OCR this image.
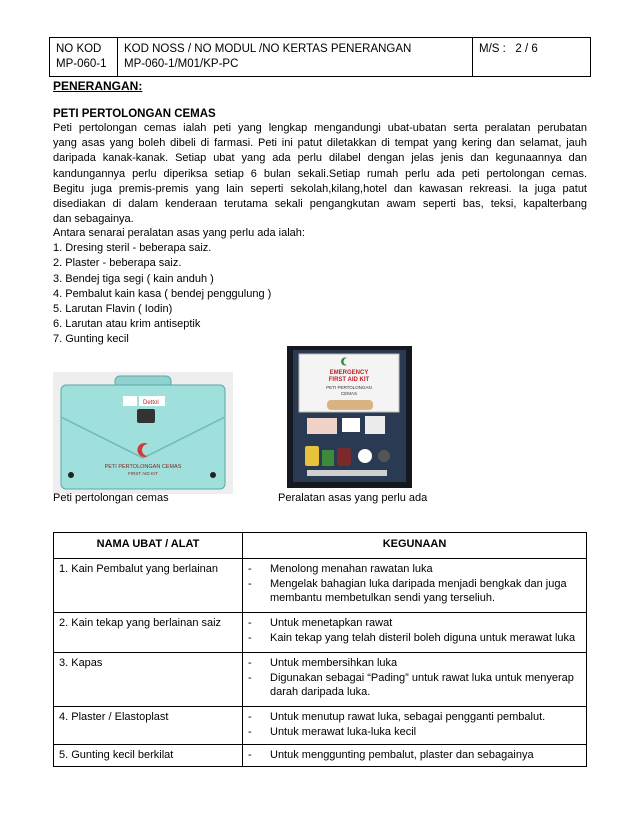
NO KOD
MP-060-1
KOD NOSS / NO MODUL /NO KERTAS PENERANGAN
MP-060-1/M01/KP-PC
M/S :   2 / 6
PENERANGAN:
PETI PERTOLONGAN CEMAS
Peti pertolongan cemas ialah peti yang lengkap mengandungi ubat-ubatan serta peralatan perubatan
yang asas yang boleh dibeli di farmasi. Peti ini patut diletakkan di tempat yang kering dan selamat, jauh
daripada kanak-kanak. Setiap ubat yang ada perlu dilabel dengan jelas jenis dan kegunaannya dan
kandungannya perlu diperiksa setiap 6 bulan sekali.Setiap rumah perlu ada peti pertolongan cemas.
Begitu juga premis-premis yang lain seperti sekolah,kilang,hotel dan kawasan rekreasi. Ia juga patut
disediakan di dalam kenderaan terutama sekali pengangkutan awam seperti bas, teksi, kapalterbang
dan sebagainya.
Antara senarai peralatan asas yang perlu ada ialah:
1. Dresing steril - beberapa saiz.
2. Plaster - beberapa saiz.
3. Bendej tiga segi ( kain anduh )
4. Pembalut kain kasa ( bendej penggulung )
5. Larutan Flavin ( Iodin)
6. Larutan atau krim antiseptik
7. Gunting kecil
Dettol
PETI PERTOLONGAN CEMAS
FIRST AID KIT
EMERGENCY
FIRST AID KIT
PETI PERTOLONGAN
CEMAS
Peti pertolongan cemas	Peralatan asas yang perlu ada
NAMA UBAT / ALAT	KEGUNAAN
1. Kain Pembalut yang berlainan	- Menolong menahan rawatan luka
- Mengelak bahagian luka daripada menjadi bengkak dan juga membantu membetulkan sendi yang terseliuh.

2. Kain tekap yang berlainan saiz	- Untuk menetapkan rawat
- Kain tekap yang telah disteril boleh diguna untuk merawat luka

3. Kapas	- Untuk membersihkan luka
- Digunakan sebagai “Pading” untuk rawat luka untuk menyerap darah daripada luka.

4. Plaster / Elastoplast	- Untuk menutup rawat luka, sebagai pengganti pembalut.
- Untuk merawat luka-luka kecil

5. Gunting kecil berkilat	- Untuk menggunting pembalut, plaster dan sebagainya
